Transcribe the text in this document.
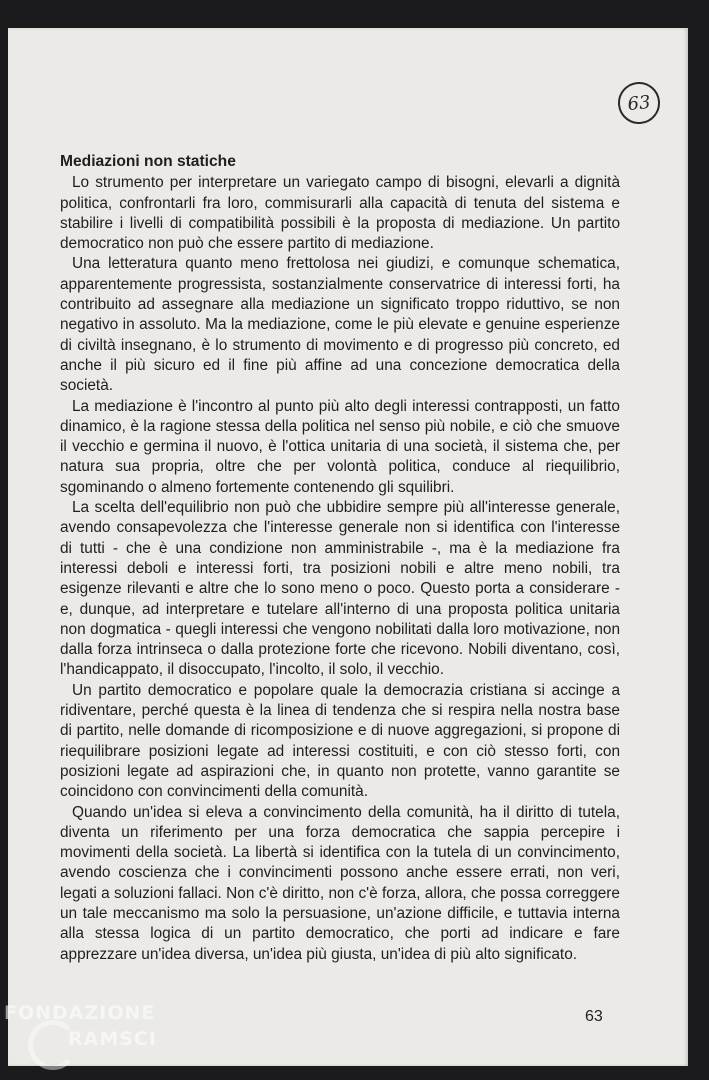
63
Mediazioni non statiche

Lo strumento per interpretare un variegato campo di bisogni, elevarli a dignità politica, confrontarli fra loro, commisurarli alla capacità di tenuta del sistema e stabilire i livelli di compatibilità possibili è la proposta di mediazione. Un partito democratico non può che essere partito di mediazione.

Una letteratura quanto meno frettolosa nei giudizi, e comunque schematica, apparentemente progressista, sostanzialmente conservatrice di interessi forti, ha contribuito ad assegnare alla mediazione un significato troppo riduttivo, se non negativo in assoluto. Ma la mediazione, come le più elevate e genuine esperienze di civiltà insegnano, è lo strumento di movimento e di progresso più concreto, ed anche il più sicuro ed il fine più affine ad una concezione democratica della società.

La mediazione è l'incontro al punto più alto degli interessi contrapposti, un fatto dinamico, è la ragione stessa della politica nel senso più nobile, e ciò che smuove il vecchio e germina il nuovo, è l'ottica unitaria di una società, il sistema che, per natura sua propria, oltre che per volontà politica, conduce al riequilibrio, sgominando o almeno fortemente contenendo gli squilibri.

La scelta dell'equilibrio non può che ubbidire sempre più all'interesse generale, avendo consapevolezza che l'interesse generale non si identifica con l'interesse di tutti - che è una condizione non amministrabile -, ma è la mediazione fra interessi deboli e interessi forti, tra posizioni nobili e altre meno nobili, tra esigenze rilevanti e altre che lo sono meno o poco. Questo porta a considerare - e, dunque, ad interpretare e tutelare all'interno di una proposta politica unitaria non dogmatica - quegli interessi che vengono nobilitati dalla loro motivazione, non dalla forza intrinseca o dalla protezione forte che ricevono. Nobili diventano, così, l'handicappato, il disoccupato, l'incolto, il solo, il vecchio.

Un partito democratico e popolare quale la democrazia cristiana si accinge a ridiventare, perché questa è la linea di tendenza che si respira nella nostra base di partito, nelle domande di ricomposizione e di nuove aggregazioni, si propone di riequilibrare posizioni legate ad interessi costituiti, e con ciò stesso forti, con posizioni legate ad aspirazioni che, in quanto non protette, vanno garantite se coincidono con convincimenti della comunità.

Quando un'idea si eleva a convincimento della comunità, ha il diritto di tutela, diventa un riferimento per una forza democratica che sappia percepire i movimenti della società. La libertà si identifica con la tutela di un convincimento, avendo coscienza che i convincimenti possono anche essere errati, non veri, legati a soluzioni fallaci. Non c'è diritto, non c'è forza, allora, che possa correggere un tale meccanismo ma solo la persuasione, un'azione difficile, e tuttavia interna alla stessa logica di un partito democratico, che porti ad indicare e fare apprezzare un'idea diversa, un'idea più giusta, un'idea di più alto significato.

63
FONDAZIONE
RAMSCI
